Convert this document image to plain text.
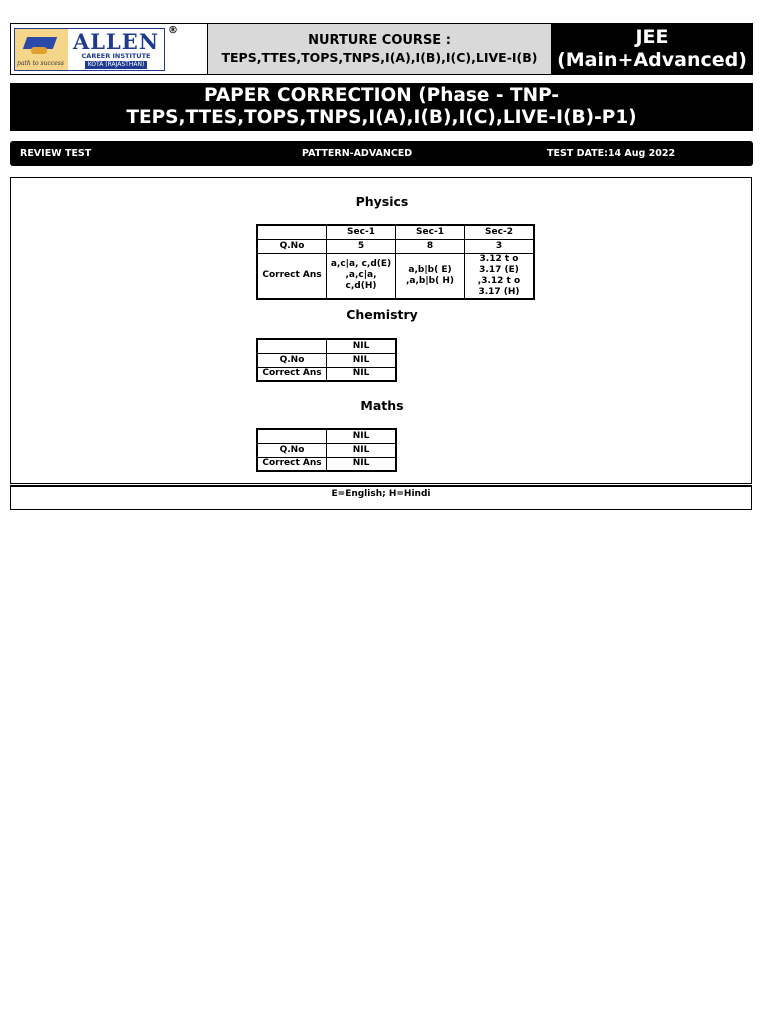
path to success
ALLEN
CAREER INSTITUTE
KOTA (RAJASTHAN)
®
NURTURE COURSE :
TEPS,TTES,TOPS,TNPS,I(A),I(B),I(C),LIVE-I(B)
JEE
(Main+Advanced)
PAPER CORRECTION (Phase - TNP-
TEPS,TTES,TOPS,TNPS,I(A),I(B),I(C),LIVE-I(B)-P1)
REVIEW TEST	PATTERN-ADVANCED	TEST DATE:14 Aug 2022
Physics
	Sec-1	Sec-1	Sec-2
Q.No	5	8	3
Correct Ans	a,c|a, c,d(E) ,a,c|a, c,d(H)	a,b|b( E) ,a,b|b( H)	3.12 t o 3.17 (E) ,3.12 t o 3.17 (H)
Chemistry
	NIL
Q.No	NIL
Correct Ans	NIL
Maths
	NIL
Q.No	NIL
Correct Ans	NIL
E=English; H=Hindi
